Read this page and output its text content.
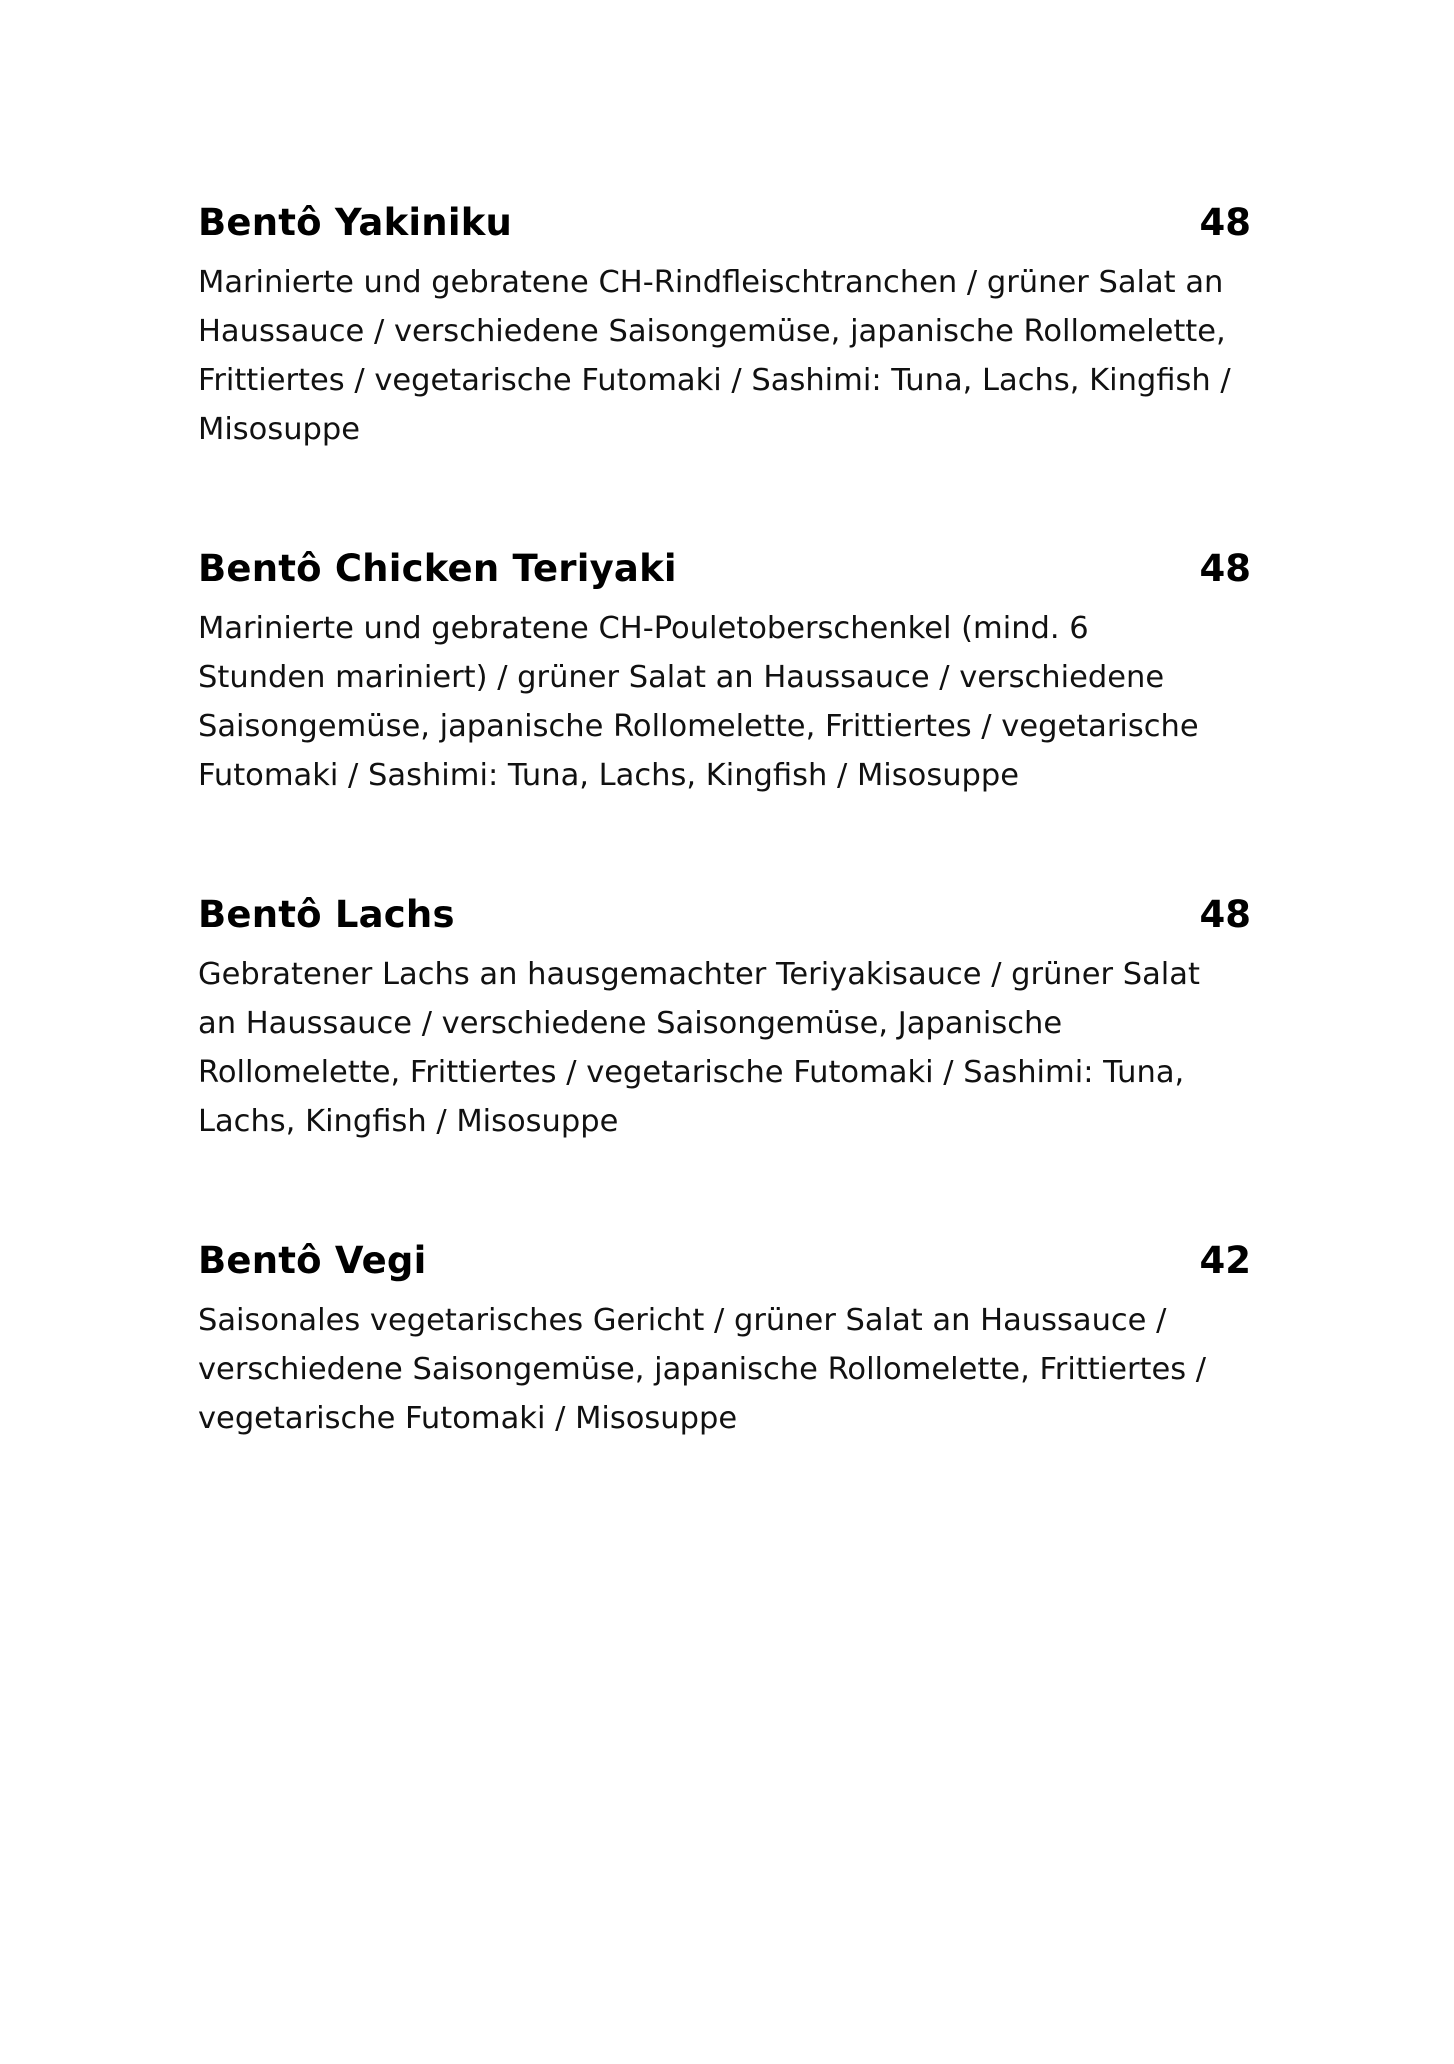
Bentô Yakiniku	48
Marinierte und gebratene CH-Rindfleischtranchen / grüner Salat an
Haussauce / verschiedene Saisongemüse, japanische Rollomelette,
Frittiertes / vegetarische Futomaki / Sashimi: Tuna, Lachs, Kingfish /
Misosuppe
Bentô Chicken Teriyaki	48
Marinierte und gebratene CH-Pouletoberschenkel (mind. 6
Stunden mariniert) / grüner Salat an Haussauce / verschiedene
Saisongemüse, japanische Rollomelette, Frittiertes / vegetarische
Futomaki / Sashimi: Tuna, Lachs, Kingfish / Misosuppe
Bentô Lachs	48
Gebratener Lachs an hausgemachter Teriyakisauce / grüner Salat
an Haussauce / verschiedene Saisongemüse, Japanische
Rollomelette, Frittiertes / vegetarische Futomaki / Sashimi: Tuna,
Lachs, Kingfish / Misosuppe
Bentô Vegi	42
Saisonales vegetarisches Gericht / grüner Salat an Haussauce /
verschiedene Saisongemüse, japanische Rollomelette, Frittiertes /
vegetarische Futomaki / Misosuppe
